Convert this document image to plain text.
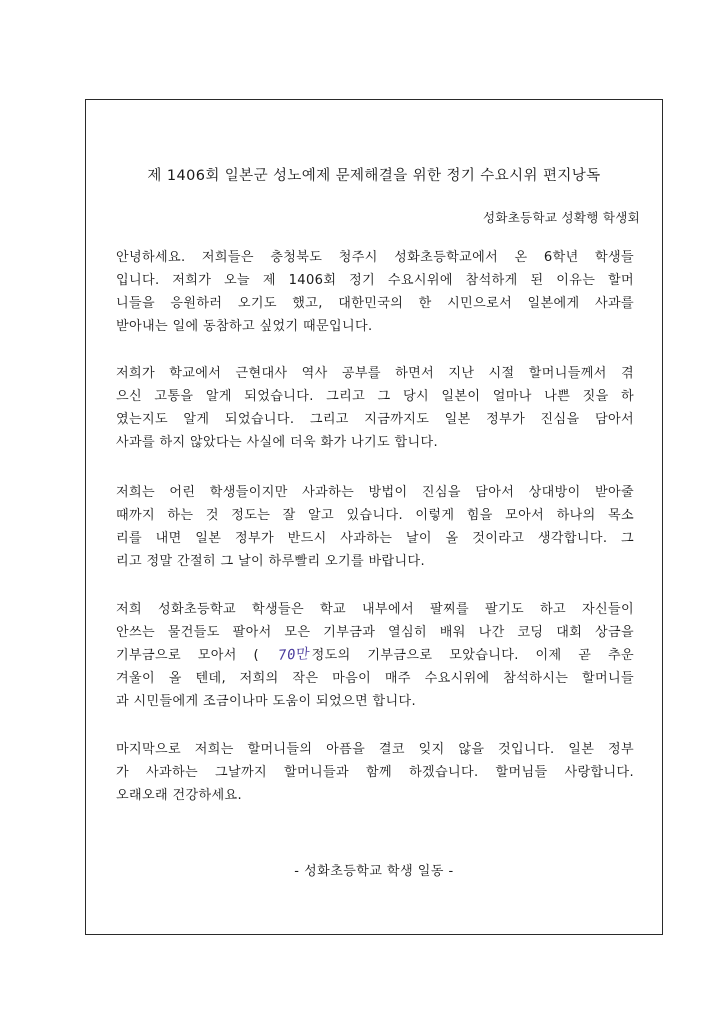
제 1406회 일본군 성노예제 문제해결을 위한 정기 수요시위 편지낭독
성화초등학교 성확행 학생회
안녕하세요. 저희들은 충청북도 청주시 성화초등학교에서 온 6학년 학생들
입니다. 저희가 오늘 제 1406회 정기 수요시위에 참석하게 된 이유는 할머
니들을 응원하러 오기도 했고, 대한민국의 한 시민으로서 일본에게 사과를
받아내는 일에 동참하고 싶었기 때문입니다.
저희가 학교에서 근현대사 역사 공부를 하면서 지난 시절 할머니들께서 겪
으신 고통을 알게 되었습니다. 그리고 그 당시 일본이 얼마나 나쁜 짓을 하
였는지도 알게 되었습니다. 그리고 지금까지도 일본 정부가 진심을 담아서
사과를 하지 않았다는 사실에 더욱 화가 나기도 합니다.
저희는 어린 학생들이지만 사과하는 방법이 진심을 담아서 상대방이 받아줄
때까지 하는 것 정도는 잘 알고 있습니다. 이렇게 힘을 모아서 하나의 목소
리를 내면 일본 정부가 반드시 사과하는 날이 올 것이라고 생각합니다. 그
리고 정말 간절히 그 날이 하루빨리 오기를 바랍니다.
저희 성화초등학교 학생들은 학교 내부에서 팔찌를 팔기도 하고 자신들이
안쓰는 물건들도 팔아서 모은 기부금과 열심히 배워 나간 코딩 대회 상금을
기부금으로 모아서 ( 70만정도의 기부금으로 모았습니다. 이제 곧 추운
겨울이 올 텐데, 저희의 작은 마음이 매주 수요시위에 참석하시는 할머니들
과 시민들에게 조금이나마 도움이 되었으면 합니다.
마지막으로 저희는 할머니들의 아픔을 결코 잊지 않을 것입니다. 일본 정부
가 사과하는 그날까지 할머니들과 함께 하겠습니다. 할머님들 사랑합니다.
오래오래 건강하세요.
- 성화초등학교 학생 일동 -
